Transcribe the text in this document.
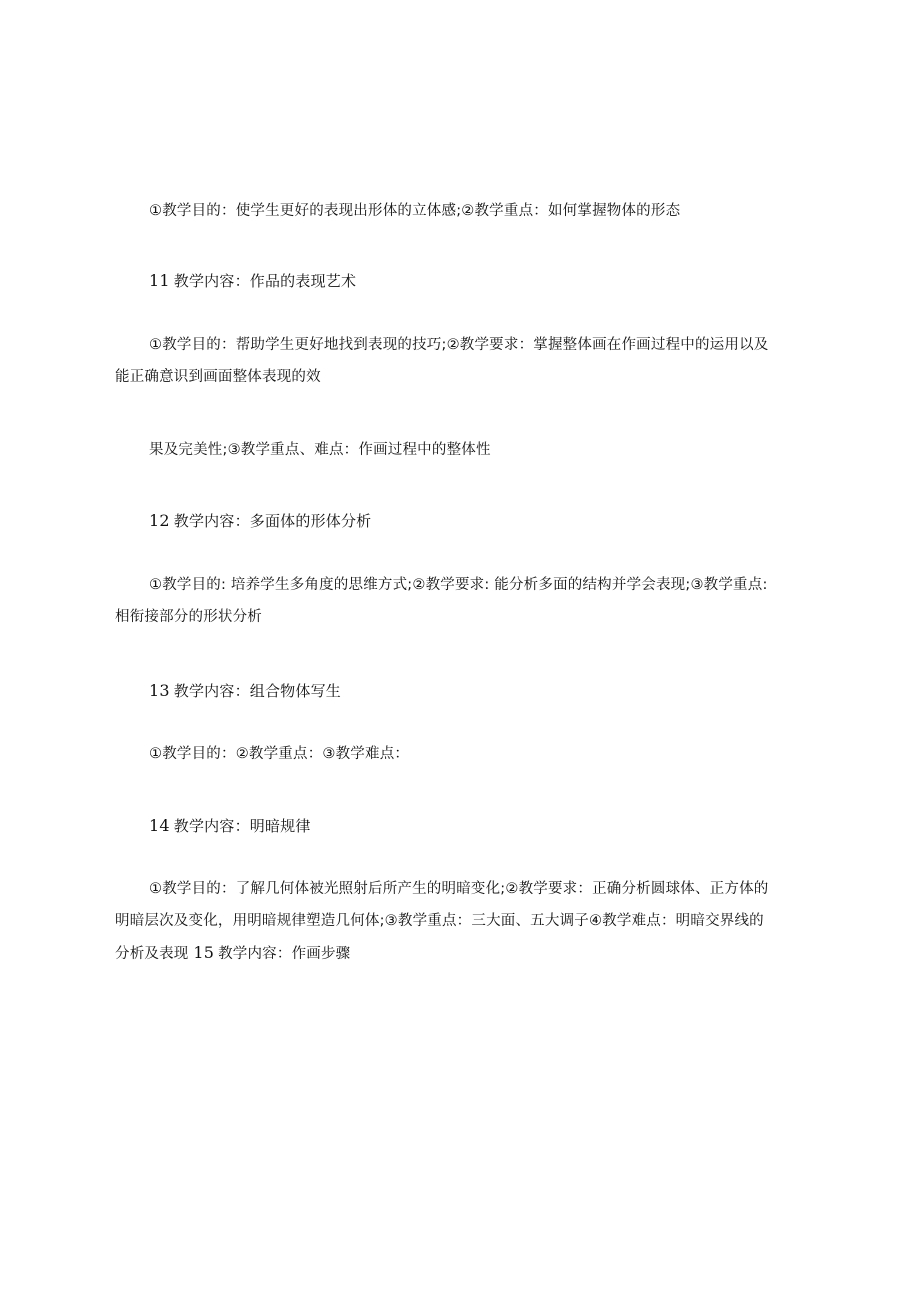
①教学目的：使学生更好的表现出形体的立体感;②教学重点：如何掌握物体的形态
11 教学内容：作品的表现艺术
①教学目的：帮助学生更好地找到表现的技巧;②教学要求：掌握整体画在作画过程中的运用以及
能正确意识到画面整体表现的效
果及完美性;③教学重点、难点：作画过程中的整体性
12 教学内容：多面体的形体分析
①教学目的: 培养学生多角度的思维方式;②教学要求: 能分析多面的结构并学会表现;③教学重点:
相衔接部分的形状分析
13 教学内容：组合物体写生
①教学目的：②教学重点：③教学难点：
14 教学内容：明暗规律
①教学目的：了解几何体被光照射后所产生的明暗变化;②教学要求：正确分析圆球体、正方体的
明暗层次及变化，用明暗规律塑造几何体;③教学重点：三大面、五大调子④教学难点：明暗交界线的
分析及表现 15 教学内容：作画步骤
